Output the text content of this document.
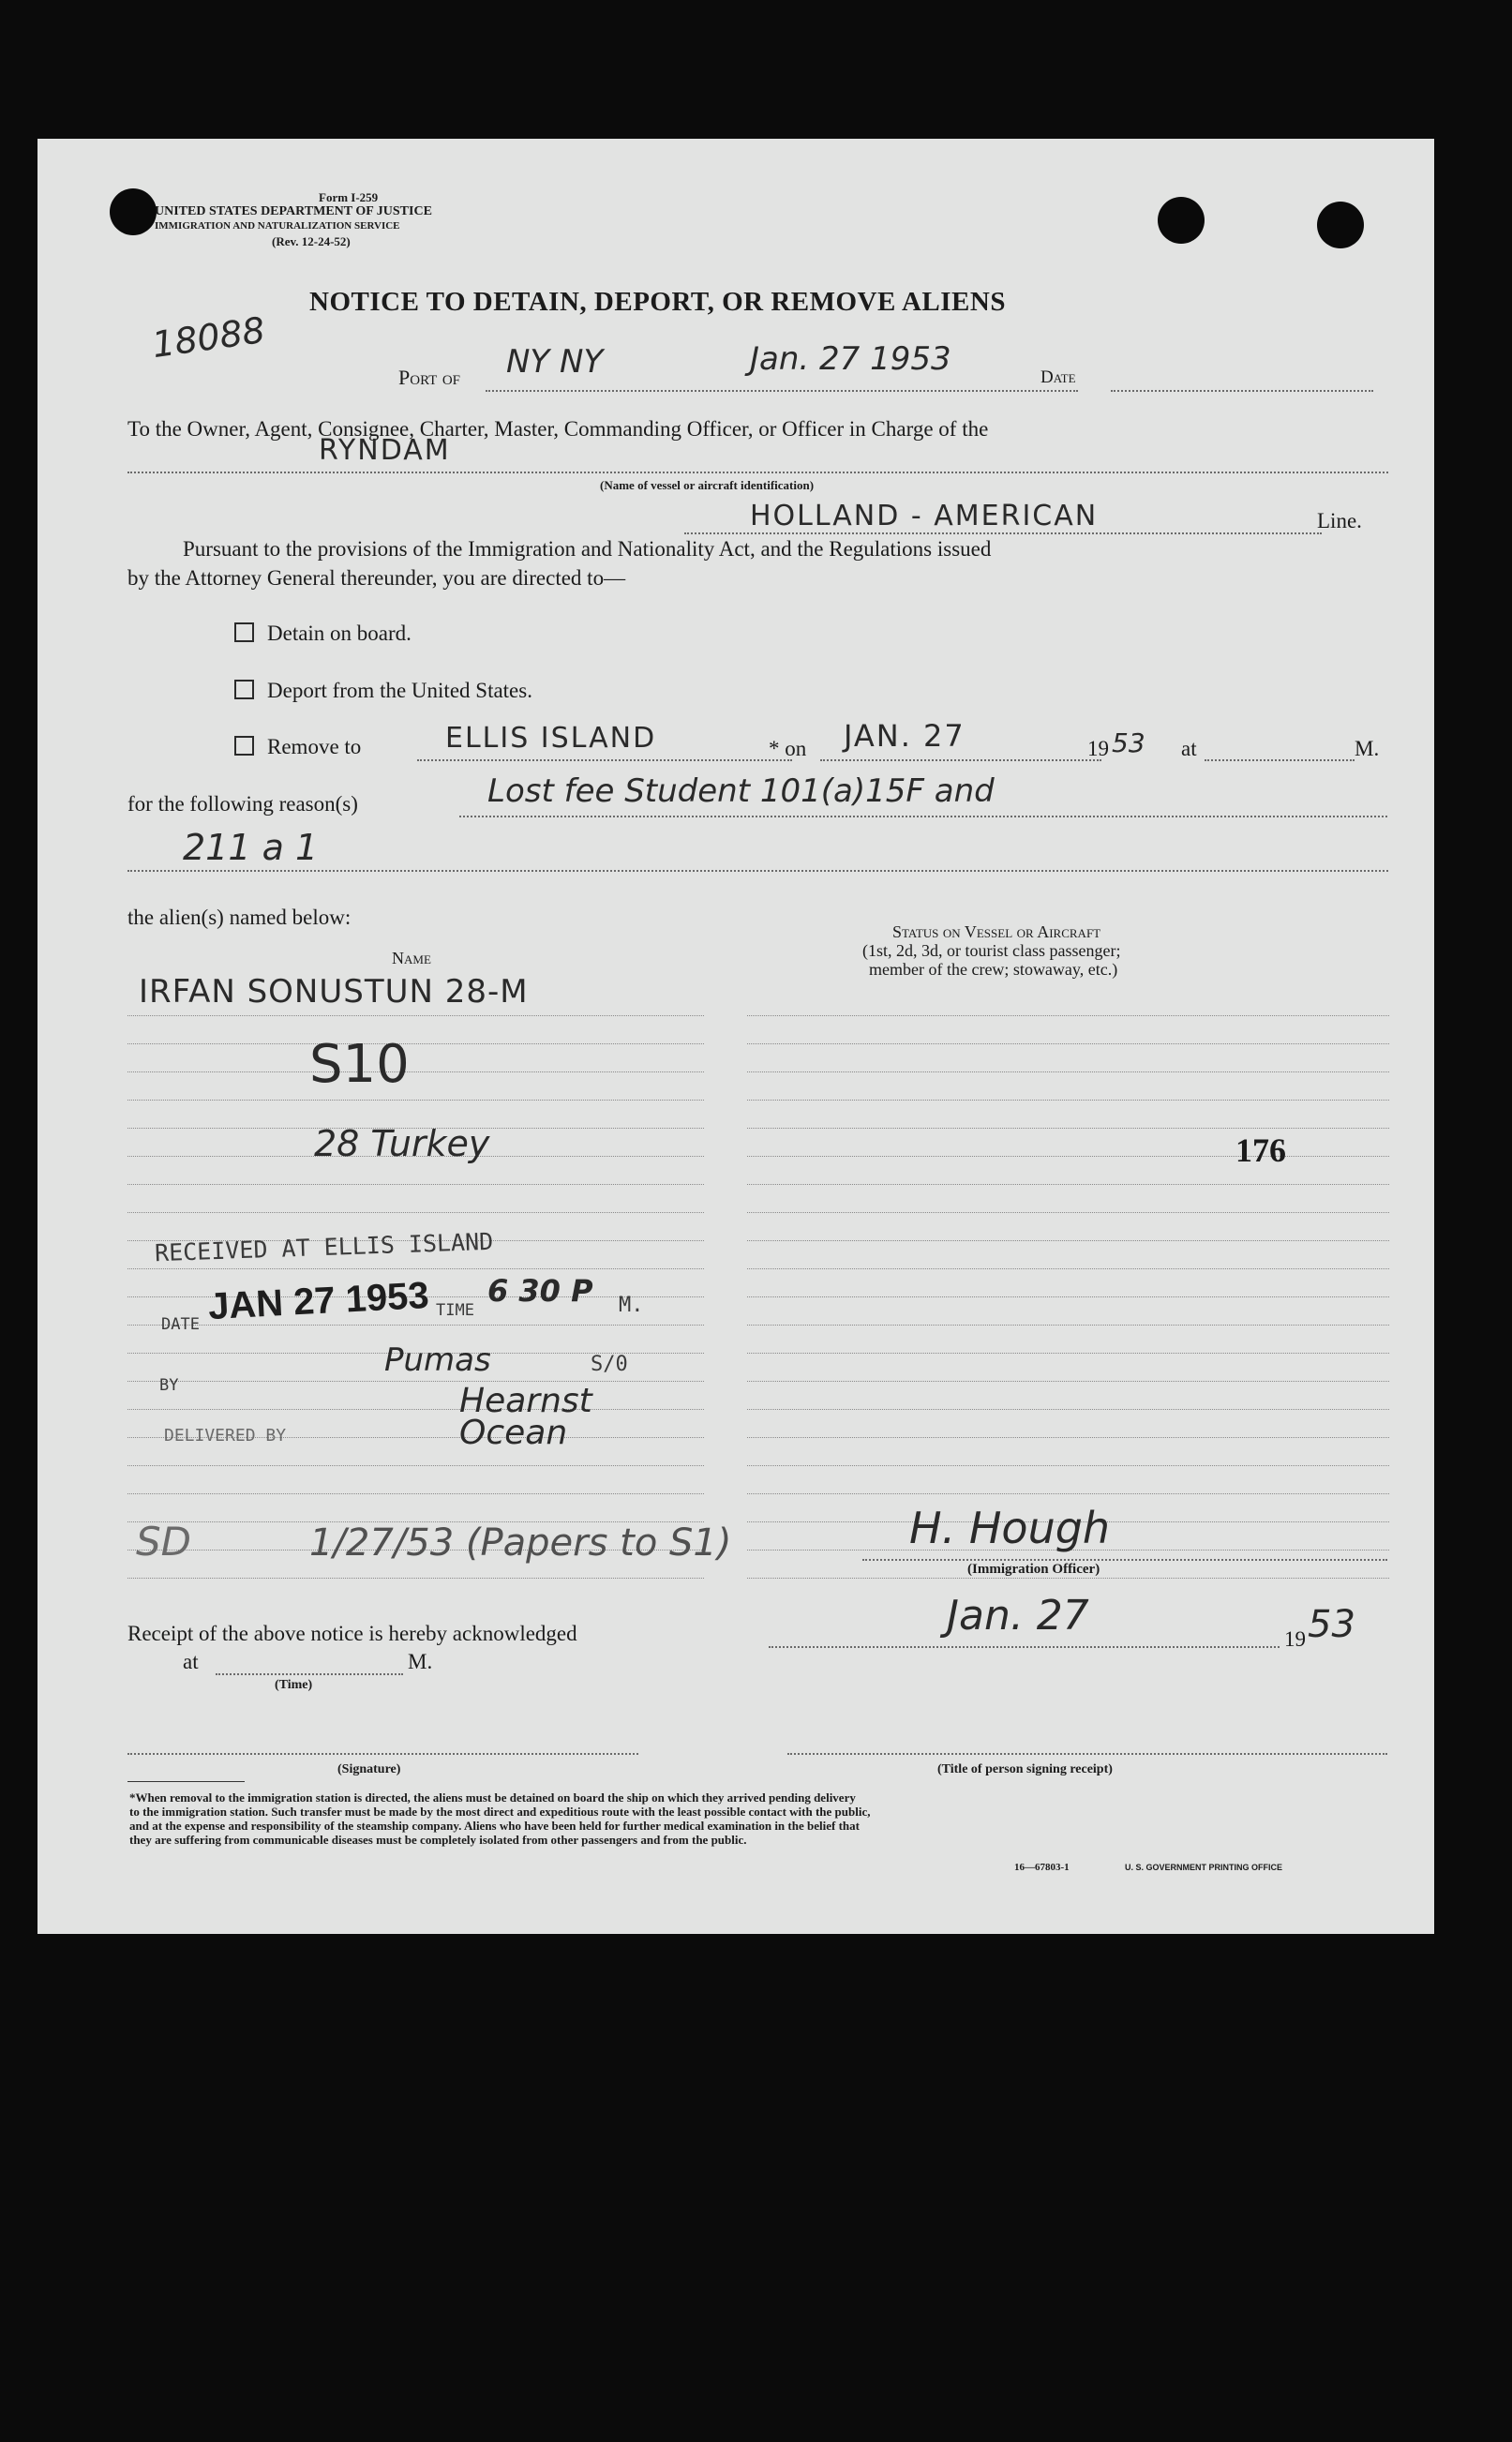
Form I-259
UNITED STATES DEPARTMENT OF JUSTICE
IMMIGRATION AND NATURALIZATION SERVICE
(Rev. 12-24-52)
18088
NOTICE TO DETAIN, DEPORT, OR REMOVE ALIENS
Port of NY NY	Jan. 27 1953	Date
To the Owner, Agent, Consignee, Charter, Master, Commanding Officer, or Officer in Charge of the
RYNDAM
(Name of vessel or aircraft identification)
HOLLAND - AMERICAN	Line.
Pursuant to the provisions of the Immigration and Nationality Act, and the Regulations issued
by the Attorney General thereunder, you are directed to—
Detain on board.
Deport from the United States.
Remove to	ELLIS ISLAND	* on JAN. 27	19 53 at	M.
for the following reason(s)	Lost fee Student 101(a)15F and
211 a 1
the alien(s) named below:
Name
Status on Vessel or Aircraft
(1st, 2d, 3d, or tourist class passenger;
member of the crew; stowaway, etc.)
IRFAN SONUSTUN 28-M
S10
28 Turkey	176
RECEIVED AT ELLIS ISLAND
DATE JAN 27 1953 TIME
6 30 P M.
BY
Pumas	S/0
DELIVERED BY
Hearnst Ocean
SD	1/27/53 (Papers to S1)	H. Hough
(Immigration Officer)
Receipt of the above notice is hereby acknowledged	Jan. 27	19 53
at	M.
(Time)
(Signature)	(Title of person signing receipt)
*When removal to the immigration station is directed, the aliens must be detained on board the ship on which they arrived pending delivery
to the immigration station. Such transfer must be made by the most direct and expeditious route with the least possible contact with the public,
and at the expense and responsibility of the steamship company. Aliens who have been held for further medical examination in the belief that
they are suffering from communicable diseases must be completely isolated from other passengers and from the public.
16—67803-1	U. S. GOVERNMENT PRINTING OFFICE
